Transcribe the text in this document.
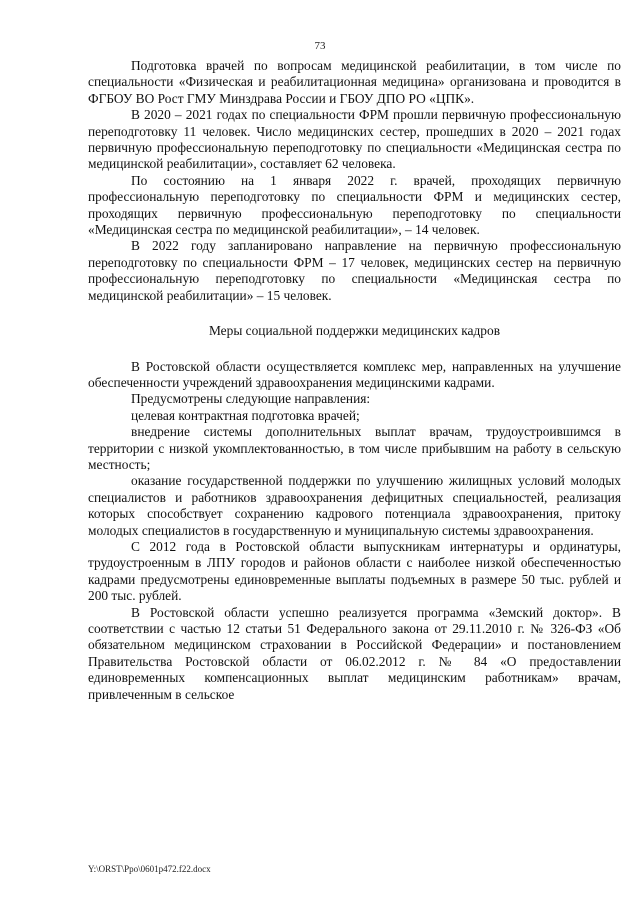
73

Подготовка врачей по вопросам медицинской реабилитации, в том числе по специальности «Физическая и реабилитационная медицина» организована и проводится в ФГБОУ ВО Рост ГМУ Минздрава России и ГБОУ ДПО РО «ЦПК».

В 2020 – 2021 годах по специальности ФРМ прошли первичную профессиональную переподготовку 11 человек. Число медицинских сестер, прошедших в 2020 – 2021 годах первичную профессиональную переподготовку по специальности «Медицинская сестра по медицинской реабилитации», составляет 62 человека.

По состоянию на 1 января 2022 г. врачей, проходящих первичную профессиональную переподготовку по специальности ФРМ и медицинских сестер, проходящих первичную профессиональную переподготовку по специальности «Медицинская сестра по медицинской реабилитации», – 14 человек.

В 2022 году запланировано направление на первичную профессиональную переподготовку по специальности ФРМ – 17 человек, медицинских сестер на первичную профессиональную переподготовку по специальности «Медицинская сестра по медицинской реабилитации» – 15 человек.

Меры социальной поддержки медицинских кадров

В Ростовской области осуществляется комплекс мер, направленных на улучшение обеспеченности учреждений здравоохранения медицинскими кадрами.

Предусмотрены следующие направления:

целевая контрактная подготовка врачей;

внедрение системы дополнительных выплат врачам, трудоустроившимся в территории с низкой укомплектованностью, в том числе прибывшим на работу в сельскую местность;

оказание государственной поддержки по улучшению жилищных условий молодых специалистов и работников здравоохранения дефицитных специальностей, реализация которых способствует сохранению кадрового потенциала здравоохранения, притоку молодых специалистов в государственную и муниципальную системы здравоохранения.

С 2012 года в Ростовской области выпускникам интернатуры и ординатуры, трудоустроенным в ЛПУ городов и районов области с наиболее низкой обеспеченностью кадрами предусмотрены единовременные выплаты подъемных в размере 50 тыс. рублей и 200 тыс. рублей.

В Ростовской области успешно реализуется программа «Земский доктор». В соответствии с частью 12 статьи 51 Федерального закона от 29.11.2010 г. № 326-ФЗ «Об обязательном медицинском страховании в Российской Федерации» и постановлением Правительства Ростовской области от 06.02.2012 г. № 84 «О предоставлении единовременных компенсационных выплат медицинским работникам» врачам, привлеченным в сельское

Y:\ORST\Ppo\0601p472.f22.docx
